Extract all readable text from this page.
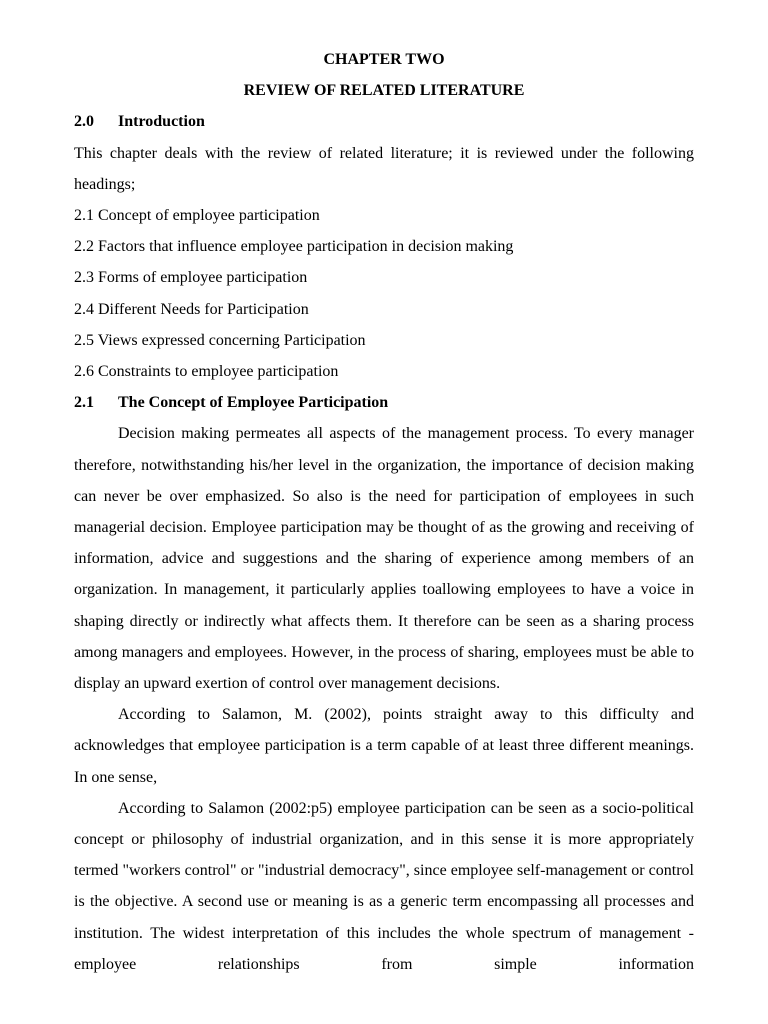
CHAPTER TWO

REVIEW OF RELATED LITERATURE

2.0 Introduction

This chapter deals with the review of related literature; it is reviewed under the following headings;

2.1 Concept of employee participation

2.2 Factors that influence employee participation in decision making

2.3 Forms of employee participation

2.4 Different Needs for Participation

2.5 Views expressed concerning Participation

2.6 Constraints to employee participation

2.1 The Concept of Employee Participation

Decision making permeates all aspects of the management process. To every manager therefore, notwithstanding his/her level in the organization, the importance of decision making can never be over emphasized. So also is the need for participation of employees in such managerial decision. Employee participation may be thought of as the growing and receiving of information, advice and suggestions and the sharing of experience among members of an organization. In management, it particularly applies toallowing employees to have a voice in shaping directly or indirectly what affects them. It therefore can be seen as a sharing process among managers and employees. However, in the process of sharing, employees must be able to display an upward exertion of control over management decisions.

According to Salamon, M. (2002), points straight away to this difficulty and acknowledges that employee participation is a term capable of at least three different meanings. In one sense,

According to Salamon (2002:p5) employee participation can be seen as a socio-political concept or philosophy of industrial organization, and in this sense it is more appropriately termed "workers control" or "industrial democracy", since employee self-management or control is the objective. A second use or meaning is as a generic term encompassing all processes and institution. The widest interpretation of this includes the whole spectrum of management - employee relationships from simple information
